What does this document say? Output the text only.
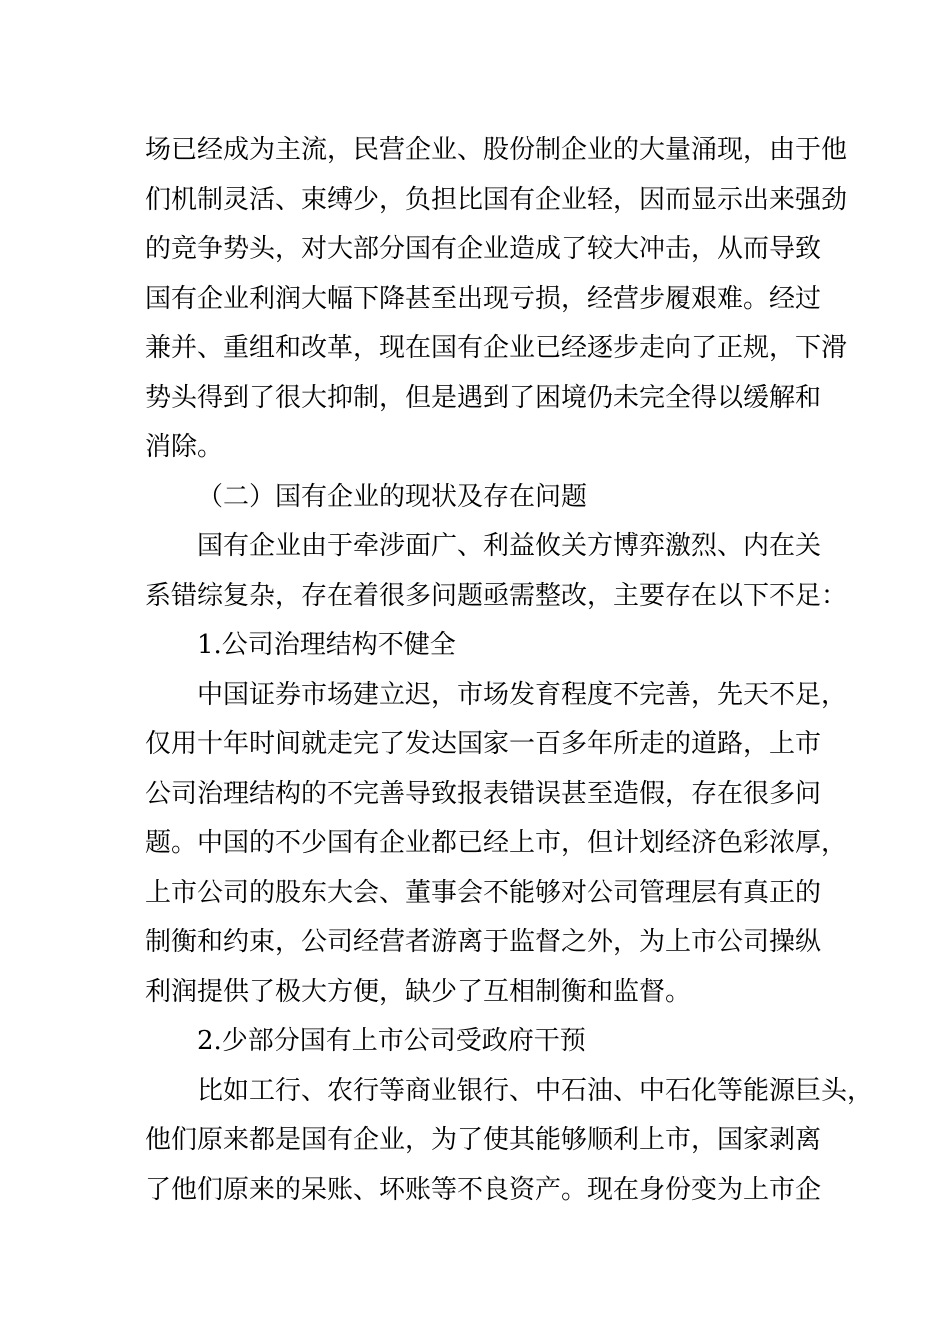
场已经成为主流，民营企业、股份制企业的大量涌现，由于他
们机制灵活、束缚少，负担比国有企业轻，因而显示出来强劲
的竞争势头，对大部分国有企业造成了较大冲击，从而导致
国有企业利润大幅下降甚至出现亏损，经营步履艰难。经过
兼并、重组和改革，现在国有企业已经逐步走向了正规，下滑
势头得到了很大抑制，但是遇到了困境仍未完全得以缓解和
消除。
（二）国有企业的现状及存在问题
国有企业由于牵涉面广、利益攸关方博弈激烈、内在关
系错综复杂，存在着很多问题亟需整改，主要存在以下不足：
1.公司治理结构不健全
中国证券市场建立迟，市场发育程度不完善，先天不足，
仅用十年时间就走完了发达国家一百多年所走的道路，上市
公司治理结构的不完善导致报表错误甚至造假，存在很多问
题。中国的不少国有企业都已经上市，但计划经济色彩浓厚，
上市公司的股东大会、董事会不能够对公司管理层有真正的
制衡和约束，公司经营者游离于监督之外，为上市公司操纵
利润提供了极大方便，缺少了互相制衡和监督。
2.少部分国有上市公司受政府干预
比如工行、农行等商业银行、中石油、中石化等能源巨头，
他们原来都是国有企业，为了使其能够顺利上市，国家剥离
了他们原来的呆账、坏账等不良资产。现在身份变为上市企
